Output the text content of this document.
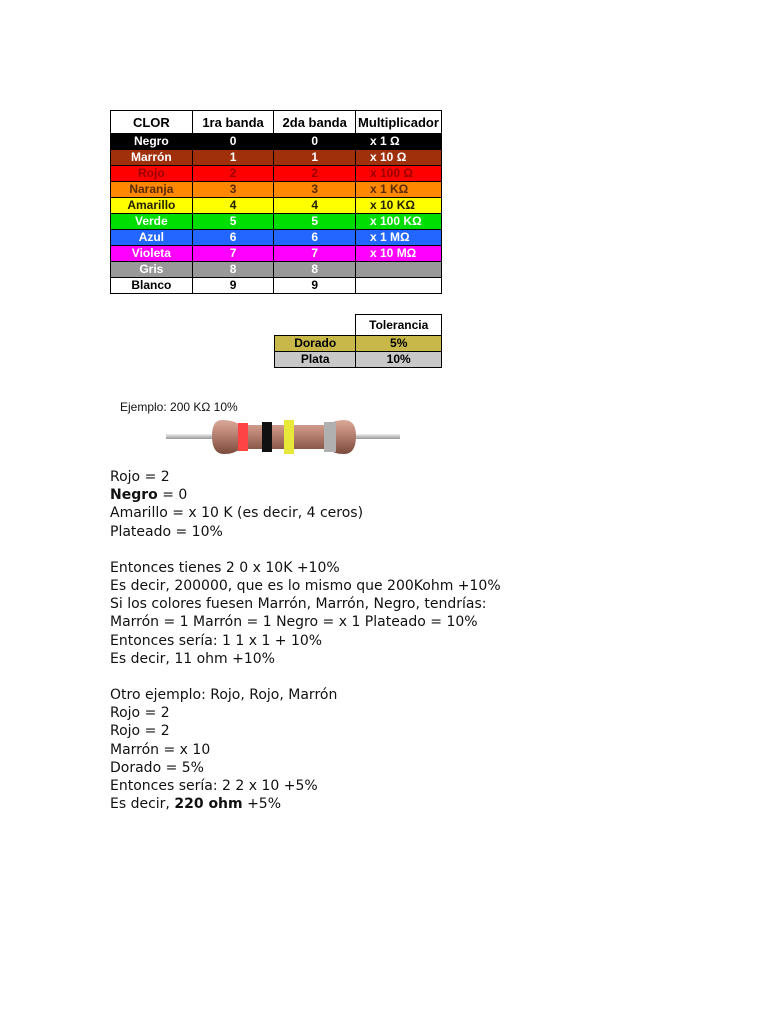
CLOR	1ra banda	2da banda	Multiplicador
Negro	0	0	x 1 Ω
Marrón	1	1	x 10 Ω
Rojo	2	2	x 100 Ω
Naranja	3	3	x 1 KΩ
Amarillo	4	4	x 10 KΩ
Verde	5	5	x 100 KΩ
Azul	6	6	x 1 MΩ
Violeta	7	7	x 10 MΩ
Gris	8	8	
Blanco	9	9	
	Tolerancia
Dorado	5%
Plata	10%
Ejemplo: 200 KΩ 10%

Rojo = 2

Negro = 0

Amarillo = x 10 K (es decir, 4 ceros)

Plateado = 10%

Entonces tienes 2 0 x 10K +10%

Es decir, 200000, que es lo mismo que 200Kohm +10%

Si los colores fuesen Marrón, Marrón, Negro, tendrías:

Marrón = 1 Marrón = 1 Negro = x 1 Plateado = 10%

Entonces sería: 1 1 x 1 + 10%

Es decir, 11 ohm +10%

Otro ejemplo: Rojo, Rojo, Marrón

Rojo = 2

Rojo = 2

Marrón = x 10

Dorado = 5%

Entonces sería: 2 2 x 10 +5%

Es decir, 220 ohm +5%
